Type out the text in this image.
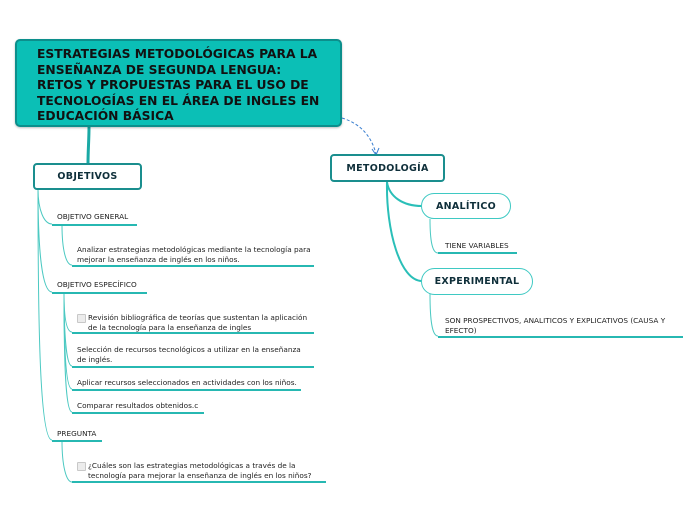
ESTRATEGIAS METODOLÓGICAS PARA LA ENSEÑANZA DE SEGUNDA LENGUA: RETOS Y PROPUESTAS PARA EL USO DE TECNOLOGÍAS EN EL ÁREA DE INGLES EN EDUCACIÓN BÁSICA
OBJETIVOS
METODOLOGÍA
OBJETIVO GENERAL
Analizar estrategias metodológicas mediante la tecnología para mejorar la enseñanza de inglés en los niños.
OBJETIVO ESPECÍFICO
Revisión bibliográfica de teorías que sustentan la aplicación de la tecnología para la enseñanza de ingles
Selección de recursos tecnológicos a utilizar en la enseñanza de inglés.
Aplicar recursos seleccionados en actividades con los niños.
Comparar resultados obtenidos.c
PREGUNTA
¿Cuáles son las estrategias metodológicas a través de la tecnología para mejorar la enseñanza de inglés en los niños?
ANALÍTICO
TIENE VARIABLES
EXPERIMENTAL
SON PROSPECTIVOS, ANALITICOS Y EXPLICATIVOS (CAUSA Y EFECTO)
